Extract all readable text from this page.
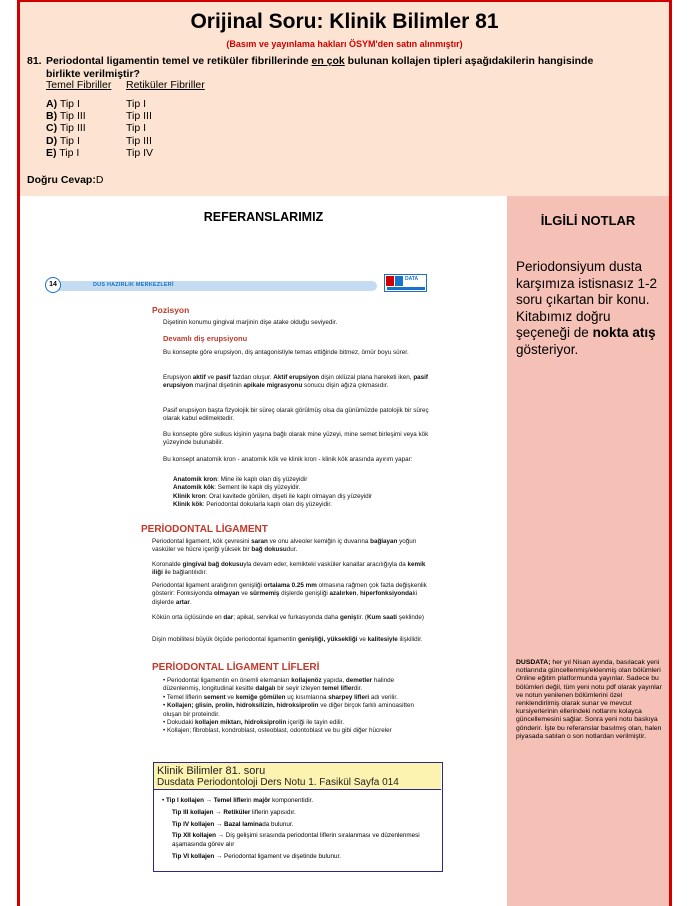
Orijinal Soru: Klinik Bilimler 81
(Basım ve yayınlama hakları ÖSYM'den satın alınmıştır)
81. Periodontal ligamentin temel ve retiküler fibrillerinde en çok bulunan kollajen tipleri aşağıdakilerin hangisinde birlikte verilmiştir?
Temel Fibriller Retiküler Fibriller
A) Tip I	Tip I
B) Tip III	Tip III
C) Tip III	Tip I
D) Tip I	Tip III
E) Tip I	Tip IV
Doğru Cevap:D
REFERANSLARIMIZ	İLGİLİ NOTLAR
Periodonsiyum dusta karşımıza istisnasız 1-2 soru çıkartan bir konu. Kitabımız doğru şeçeneği de nokta atış gösteriyor.
DUSDATA; her yıl Nisan ayında, basılacak yeni notlarında güncellenmiş/eklenmiş olan bölümleri Online eğitim platformunda yayınlar. Sadece bu bölümleri değil, tüm yeni notu pdf olarak yayınlar ve notun yenilenen bölümlerini özel renklendirilmiş olarak sunar ve mevcut kursiyerlerinin ellerindeki notlarını kolayca güncellemesini sağlar. Sonra yeni notu baskıya gönderir. İşte bu referanslar basılmış olan, halen piyasada satılan o son notlardan verilmiştir.
14	DUS HAZIRLIK MERKEZLERİ
DATA
Pozisyon
Dişetinin konumu gingival marjinin dişe atake olduğu seviyedir.
Devamlı diş erupsiyonu
Bu konsepte göre erupsiyon, diş antagonistiyle temas ettiğinde bitmez, ömür boyu sürer.
Erupsiyon aktif ve pasif fazdan oluşur. Aktif erupsiyon dişin oklüzal plana hareketi iken, pasif erupsiyon marjinal dişetinin apikale migrasyonu sonucu dişin ağıza çıkmasıdır.
Pasif erupsiyon başta fizyolojik bir süreç olarak görülmüş olsa da günümüzde patolojik bir süreç olarak kabul edilmektedir.
Bu konsepte göre sulkus kişinin yaşına bağlı olarak mine yüzeyi, mine semet birleşimi veya kök yüzeyinde bulunabilir.
Bu konsept anatomik kron - anatomik kök ve klinik kron - klinik kök arasında ayırım yapar:
Anatomik kron: Mine ile kaplı olan diş yüzeyidir
Anatomik kök: Sement ile kaplı diş yüzeyidir.
Klinik kron: Oral kavitede görülen, dişeti ile kaplı olmayan diş yüzeyidir
Klinik kök: Periodontal dokularla kaplı olan diş yüzeyidir.
PERİODONTAL LİGAMENT
Periodontal ligament, kök çevresini saran ve onu alveoler kemiğin iç duvarına bağlayan yoğun vasküler ve hücre içeriği yüksek bir bağ dokusudur.
Koronalde gingival bağ dokusuyla devam eder, kemikteki vasküler kanallar aracılığıyla da kemik iliği ile bağlantılıdır.
Periodontal ligament aralığının genişliği ortalama 0.25 mm olmasına rağmen çok fazla değişkenlik gösterir: Fonksiyonda olmayan ve sürmemiş dişlerde genişliği azalırken, hiperfonksiyondaki dişlerde artar.
Kökün orta üçlüsünde en dar; apikal, servikal ve furkasyonda daha geniştir. (Kum saati şeklinde)
Dişin mobilitesi büyük ölçüde periodontal ligamentin genişliği, yüksekliği ve kalitesiyle ilişkilidir.
PERİODONTAL LİGAMENT LİFLERİ
• Periodontal ligamentin en önemli elemanları kollajenöz yapıda, demetler halinde düzenlenmiş, longitudinal kesitte dalgalı bir seyir izleyen temel liflerdir.
• Temel liflerin sement ve kemiğe gömülen uç kısımlarına sharpey lifleri adı verilir.
• Kollajen; glisin, prolin, hidroksilizin, hidroksiprolin ve diğer birçok farklı aminoasitten oluşan bir proteindir.
• Dokudaki kollajen miktarı, hidroksiprolin içeriği ile tayin edilir.
• Kollajen; fibroblast, kondroblast, osteoblast, odontoblast ve bu gibi diğer hücreler
Klinik Bilimler 81. soru
Dusdata Periodontoloji Ders Notu 1. Fasikül Sayfa 014
• Tip I kollajen → Temel liflerin majör komponentidir.
Tip III kollajen → Retiküler liflerin yapısıdır.
Tip IV kollajen → Bazal laminada bulunur.
Tip XII kollajen → Diş gelişimi sırasında periodontal liflerin sıralanması ve düzenlenmesi aşamasında görev alır
Tip VI kollajen → Periodontal ligament ve dişetinde bulunur.
